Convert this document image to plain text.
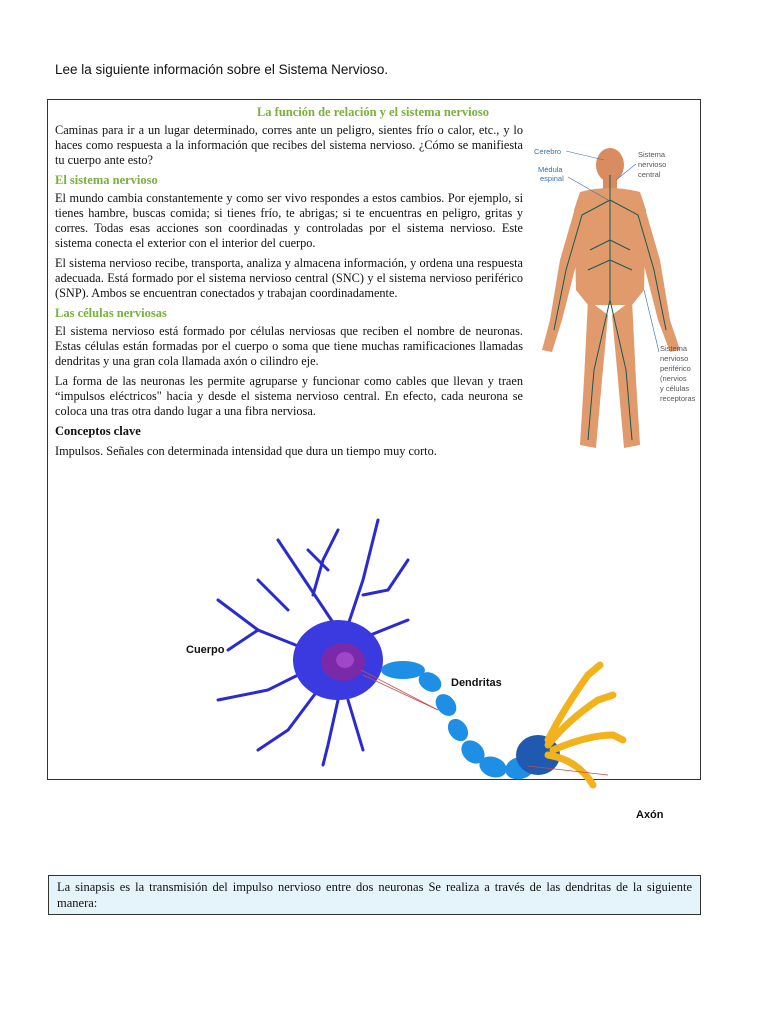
Lee la siguiente información sobre el Sistema Nervioso.
La función de relación y el sistema nervioso

Caminas para ir a un lugar determinado, corres ante un peligro, sientes frío o calor, etc., y lo haces como respuesta a la información que recibes del sistema nervioso. ¿Cómo se manifiesta tu cuerpo ante esto?

El sistema nervioso

El mundo cambia constantemente y como ser vivo respondes a estos cambios. Por ejemplo, si tienes hambre, buscas comida; si tienes frío, te abrigas; si te encuentras en peligro, gritas y corres. Todas esas acciones son coordinadas y controladas por el sistema nervioso. Este sistema conecta el exterior con el interior del cuerpo.

El sistema nervioso recibe, transporta, analiza y almacena información, y ordena una respuesta adecuada. Está formado por el sistema nervioso central (SNC) y el sistema nervioso periférico (SNP). Ambos se encuentran conectados y trabajan coordinadamente.

Las células nerviosas

El sistema nervioso está formado por células nerviosas que reciben el nombre de neuronas. Estas células están formadas por el cuerpo o soma que tiene muchas ramificaciones llamadas dendritas y una gran cola llamada axón o cilindro eje.

La forma de las neuronas les permite agruparse y funcionar como cables que llevan y traen “impulsos eléctricos" hacia y desde el sistema nervioso central. En efecto, cada neurona se coloca una tras otra dando lugar a una fibra nerviosa.

Conceptos clave

Impulsos. Señales con determinada intensidad que dura un tiempo muy corto.

Cerebro
Médula
espinal
Sistema
nervioso
central
Sistema
nervioso
periférico
(nervios
y células
receptoras
Cuerpo
Dendritas
Axón
La sinapsis es la transmisión del impulso nervioso entre dos neuronas Se realiza a través de las dendritas de la siguiente manera:
